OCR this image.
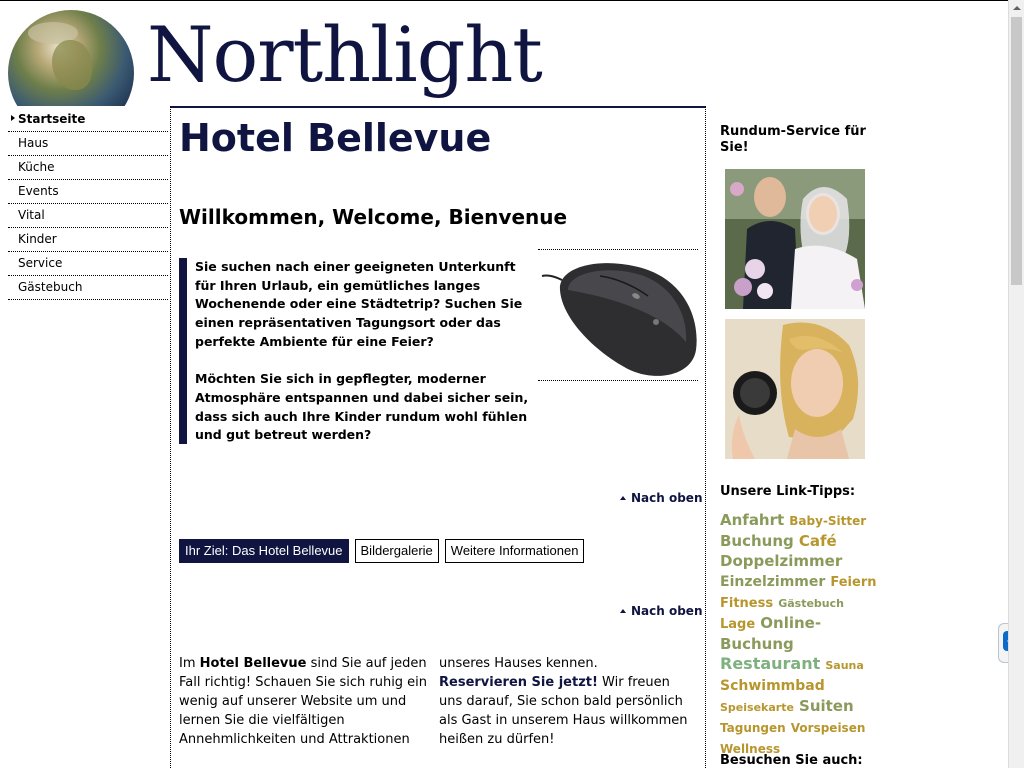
Northlight
Startseite
Haus
Küche
Events
Vital
Kinder
Service
Gästebuch
Hotel Bellevue
Willkommen, Welcome, Bienvenue

Sie suchen nach einer geeigneten Unterkunft für Ihren Urlaub, ein gemütliches langes Wochenende oder eine Städtetrip? Suchen Sie einen repräsentativen Tagungsort oder das perfekte Ambiente für eine Feier?

Möchten Sie sich in gepflegter, moderner Atmosphäre entspannen und dabei sicher sein, dass sich auch Ihre Kinder rundum wohl fühlen und gut betreut werden?

Nach oben
Ihr Ziel: Das Hotel Bellevue	Bildergalerie	Weitere Informationen
Nach oben
Im Hotel Bellevue sind Sie auf jeden Fall richtig! Schauen Sie sich ruhig ein wenig auf unserer Website um und lernen Sie die vielfältigen Annehmlichkeiten und Attraktionen
unseres Hauses kennen. Reservieren Sie jetzt! Wir freuen uns darauf, Sie schon bald persönlich als Gast in unserem Haus willkommen heißen zu dürfen!
Rundum-Service für Sie!
Unsere Link-Tipps:
Anfahrt Baby-Sitter Buchung Café Doppelzimmer Einzelzimmer Feiern Fitness Gästebuch Lage Online-Buchung Restaurant Sauna Schwimmbad Speisekarte Suiten Tagungen Vorspeisen Wellness
Besuchen Sie auch:
